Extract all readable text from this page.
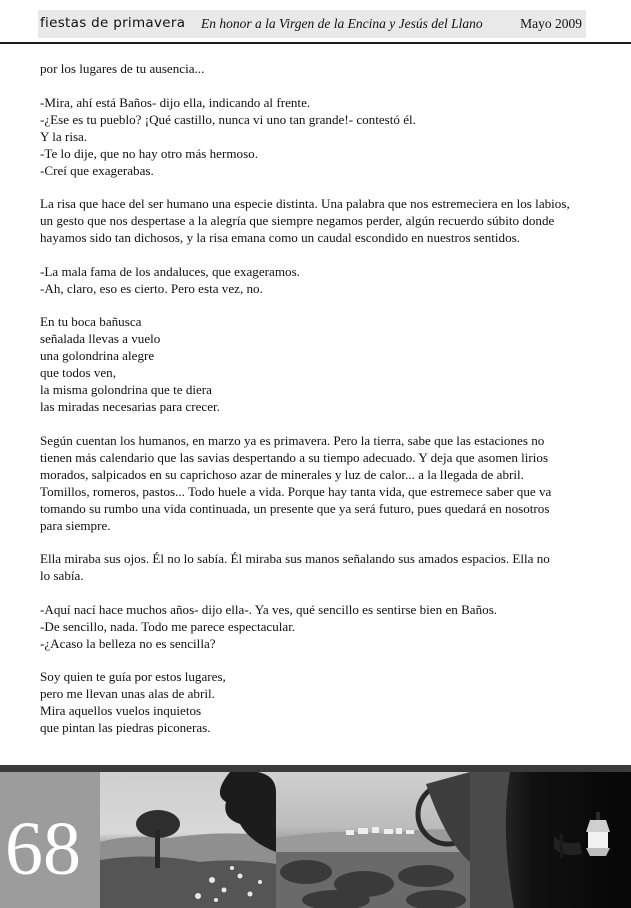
fiestas de primavera En honor a la Virgen de la Encina y Jesús del Llano	Mayo 2009

por los lugares de tu ausencia...

-Mira, ahí está Baños- dijo ella, indicando al frente.
-¿Ese es tu pueblo? ¡Qué castillo, nunca vi uno tan grande!- contestó él.
Y la risa.
-Te lo dije, que no hay otro más hermoso.
-Creí que exagerabas.

La risa que hace del ser humano una especie distinta. Una palabra que nos estremeciera en los labios,
un gesto que nos despertase a la alegría que siempre negamos perder, algún recuerdo súbito donde
hayamos sido tan dichosos, y la risa emana como un caudal escondido en nuestros sentidos.

-La mala fama de los andaluces, que exageramos.
-Ah, claro, eso es cierto. Pero esta vez, no.

En tu boca bañusca
señalada llevas a vuelo
una golondrina alegre
que todos ven,
la misma golondrina que te diera
las miradas necesarias para crecer.

Según cuentan los humanos, en marzo ya es primavera. Pero la tierra, sabe que las estaciones no
tienen más calendario que las savias despertando a su tiempo adecuado. Y deja que asomen lirios
morados, salpicados en su caprichoso azar de minerales y luz de calor... a la llegada de abril.
Tomillos, romeros, pastos... Todo huele a vida. Porque hay tanta vida, que estremece saber que va
tomando su rumbo una vida continuada, un presente que ya será futuro, pues quedará en nosotros
para siempre.

Ella miraba sus ojos. Él no lo sabía. Él miraba sus manos señalando sus amados espacios. Ella no
lo sabía.

-Aquí nací hace muchos años- dijo ella-. Ya ves, qué sencillo es sentirse bien en Baños.
-De sencillo, nada. Todo me parece espectacular.
-¿Acaso la belleza no es sencilla?

Soy quien te guía por estos lugares,
pero me llevan unas alas de abril.
Mira aquellos vuelos inquietos
que pintan las piedras piconeras.

68
